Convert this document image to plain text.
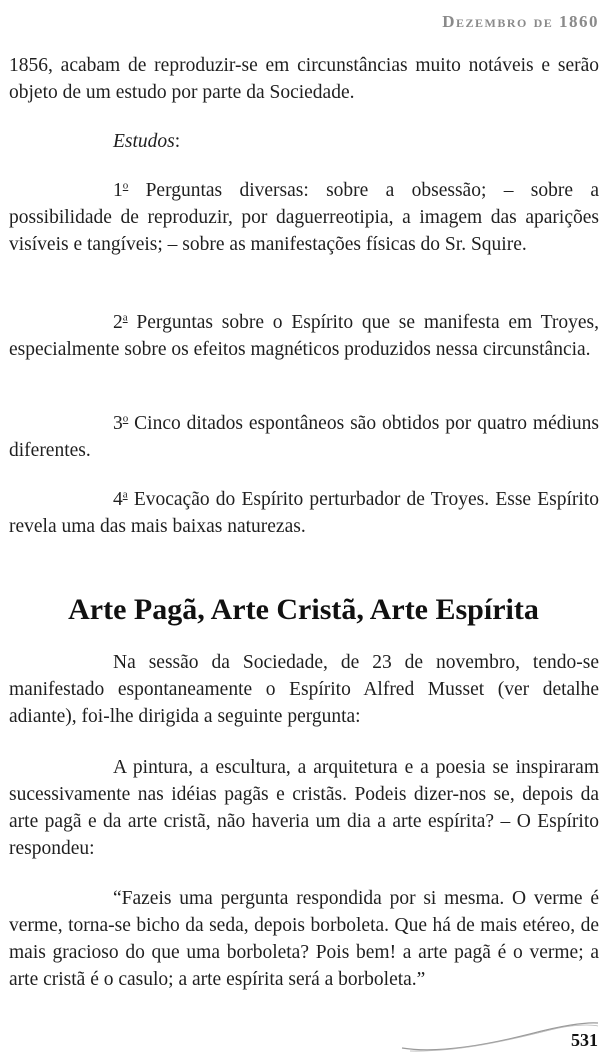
Dezembro de 1860

1856, acabam de reproduzir-se em circunstâncias muito notáveis e serão objeto de um estudo por parte da Sociedade.

Estudos:

1$^o$ Perguntas diversas: sobre a obsessão; – sobre a possibilidade de reproduzir, por daguerreotipia, a imagem das aparições visíveis e tangíveis; – sobre as manifestações físicas do Sr. Squire.

2$^a$ Perguntas sobre o Espírito que se manifesta em Troyes, especialmente sobre os efeitos magnéticos produzidos nessa circunstância.

3$^o$ Cinco ditados espontâneos são obtidos por quatro médiuns diferentes.

4$^a$ Evocação do Espírito perturbador de Troyes. Esse Espírito revela uma das mais baixas naturezas.

Arte Pagã, Arte Cristã, Arte Espírita

Na sessão da Sociedade, de 23 de novembro, tendo-se manifestado espontaneamente o Espírito Alfred Musset (ver detalhe adiante), foi-lhe dirigida a seguinte pergunta:

A pintura, a escultura, a arquitetura e a poesia se inspiraram sucessivamente nas idéias pagãs e cristãs. Podeis dizer-nos se, depois da arte pagã e da arte cristã, não haveria um dia a arte espírita? – O Espírito respondeu:

“Fazeis uma pergunta respondida por si mesma. O verme é verme, torna-se bicho da seda, depois borboleta. Que há de mais etéreo, de mais gracioso do que uma borboleta? Pois bem! a arte pagã é o verme; a arte cristã é o casulo; a arte espírita será a borboleta.”

531
